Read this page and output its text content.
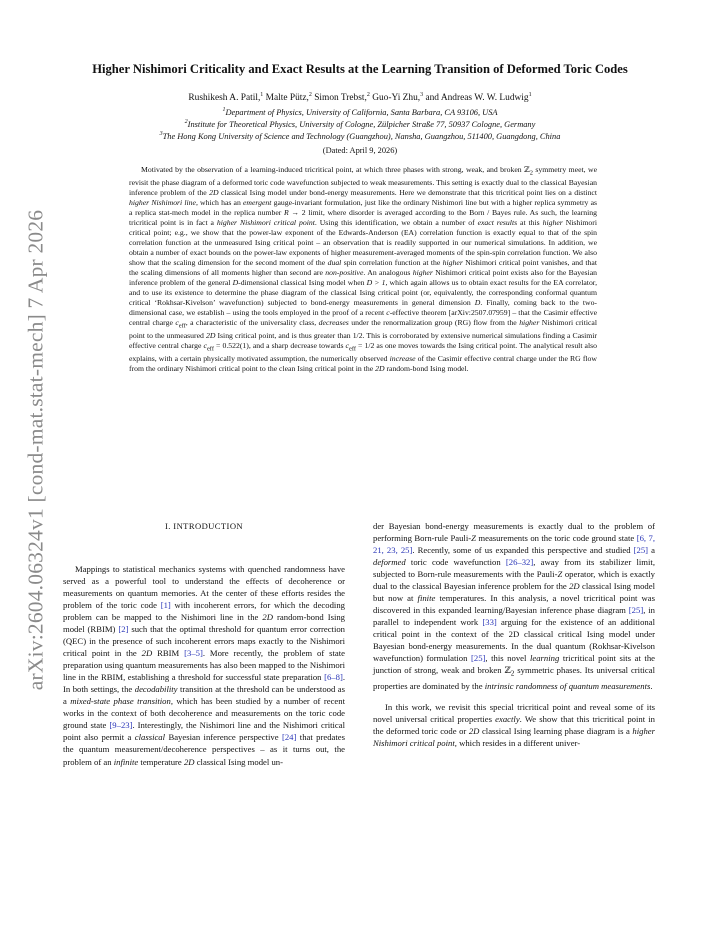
arXiv:2604.06324v1 [cond-mat.stat-mech] 7 Apr 2026
Higher Nishimori Criticality and Exact Results at the Learning Transition of Deformed Toric Codes
Rushikesh A. Patil,$^1$ Malte Pütz,$^2$ Simon Trebst,$^2$ Guo-Yi Zhu,$^3$ and Andreas W. W. Ludwig$^1$
$^1$Department of Physics, University of California, Santa Barbara, CA 93106, USA
$^2$Institute for Theoretical Physics, University of Cologne, Zülpicher Straße 77, 50937 Cologne, Germany
$^3$The Hong Kong University of Science and Technology (Guangzhou), Nansha, Guangzhou, 511400, Guangdong, China
(Dated: April 9, 2026)

Motivated by the observation of a learning-induced tricritical point, at which three phases with strong, weak, and broken ℤ$_2$ symmetry meet, we revisit the phase diagram of a deformed toric code wavefunction subjected to weak measurements. This setting is exactly dual to the classical Bayesian inference problem of the 2D classical Ising model under bond-energy measurements. Here we demonstrate that this tricritical point lies on a distinct higher Nishimori line, which has an emergent gauge-invariant formulation, just like the ordinary Nishimori line but with a higher replica symmetry as a replica stat-mech model in the replica number R → 2 limit, where disorder is averaged according to the Born / Bayes rule. As such, the learning tricritical point is in fact a higher Nishimori critical point. Using this identification, we obtain a number of exact results at this higher Nishimori critical point; e.g., we show that the power-law exponent of the Edwards-Anderson (EA) correlation function is exactly equal to that of the spin correlation function at the unmeasured Ising critical point – an observation that is readily supported in our numerical simulations. In addition, we obtain a number of exact bounds on the power-law exponents of higher measurement-averaged moments of the spin-spin correlation function. We also show that the scaling dimension for the second moment of the dual spin correlation function at the higher Nishimori critical point vanishes, and that the scaling dimensions of all moments higher than second are non-positive. An analogous higher Nishimori critical point exists also for the Bayesian inference problem of the general D-dimensional classical Ising model when D > 1, which again allows us to obtain exact results for the EA correlator, and to use its existence to determine the phase diagram of the classical Ising critical point (or, equivalently, the corresponding conformal quantum critical ‘Rokhsar-Kivelson’ wavefunction) subjected to bond-energy measurements in general dimension D. Finally, coming back to the two-dimensional case, we establish – using the tools employed in the proof of a recent c-effective theorem [arXiv:2507.07959] – that the Casimir effective central charge $c_{eff}$, a characteristic of the universality class, decreases under the renormalization group (RG) flow from the higher Nishimori critical point to the unmeasured 2D Ising critical point, and is thus greater than 1/2. This is corroborated by extensive numerical simulations finding a Casimir effective central charge $c_{eff} = 0.522(1)$, and a sharp decrease towards $c_{eff} = 1/2$ as one moves towards the Ising critical point. The analytical result also explains, with a certain physically motivated assumption, the numerically observed increase of the Casimir effective central charge under the RG flow from the ordinary Nishimori critical point to the clean Ising critical point in the 2D random-bond Ising model.

I. INTRODUCTION

Mappings to statistical mechanics systems with quenched randomness have served as a powerful tool to understand the effects of decoherence or measurements on quantum memories. At the center of these efforts resides the problem of the toric code [1] with incoherent errors, for which the decoding problem can be mapped to the Nishimori line in the 2D random-bond Ising model (RBIM) [2] such that the optimal threshold for quantum error correction (QEC) in the presence of such incoherent errors maps exactly to the Nishimori critical point in the 2D RBIM [3–5]. More recently, the problem of state preparation using quantum measurements has also been mapped to the Nishimori line in the RBIM, establishing a threshold for successful state preparation [6–8]. In both settings, the decodability transition at the threshold can be understood as a mixed-state phase transition, which has been studied by a number of recent works in the context of both decoherence and measurements on the toric code ground state [9–23]. Interestingly, the Nishimori line and the Nishimori critical point also permit a classical Bayesian inference perspective [24] that predates the quantum measurement/decoherence perspectives – as it turns out, the problem of an infinite temperature 2D classical Ising model un-

der Bayesian bond-energy measurements is exactly dual to the problem of performing Born-rule Pauli-Z measurements on the toric code ground state [6, 7, 21, 23, 25]. Recently, some of us expanded this perspective and studied [25] a deformed toric code wavefunction [26–32], away from its stabilizer limit, subjected to Born-rule measurements with the Pauli-Z operator, which is exactly dual to the classical Bayesian inference problem for the 2D classical Ising model but now at finite temperatures. In this analysis, a novel tricritical point was discovered in this expanded learning/Bayesian inference phase diagram [25], in parallel to independent work [33] arguing for the existence of an additional critical point in the context of the 2D classical critical Ising model under Bayesian bond-energy measurements. In the dual quantum (Rokhsar-Kivelson wavefunction) formulation [25], this novel learning tricritical point sits at the junction of strong, weak and broken ℤ$_2$ symmetric phases. Its universal critical properties are dominated by the intrinsic randomness of quantum measurements.

In this work, we revisit this special tricritical point and reveal some of its novel universal critical properties exactly. We show that this tricritical point in the deformed toric code or 2D classical Ising learning phase diagram is a higher Nishimori critical point, which resides in a different univer-
